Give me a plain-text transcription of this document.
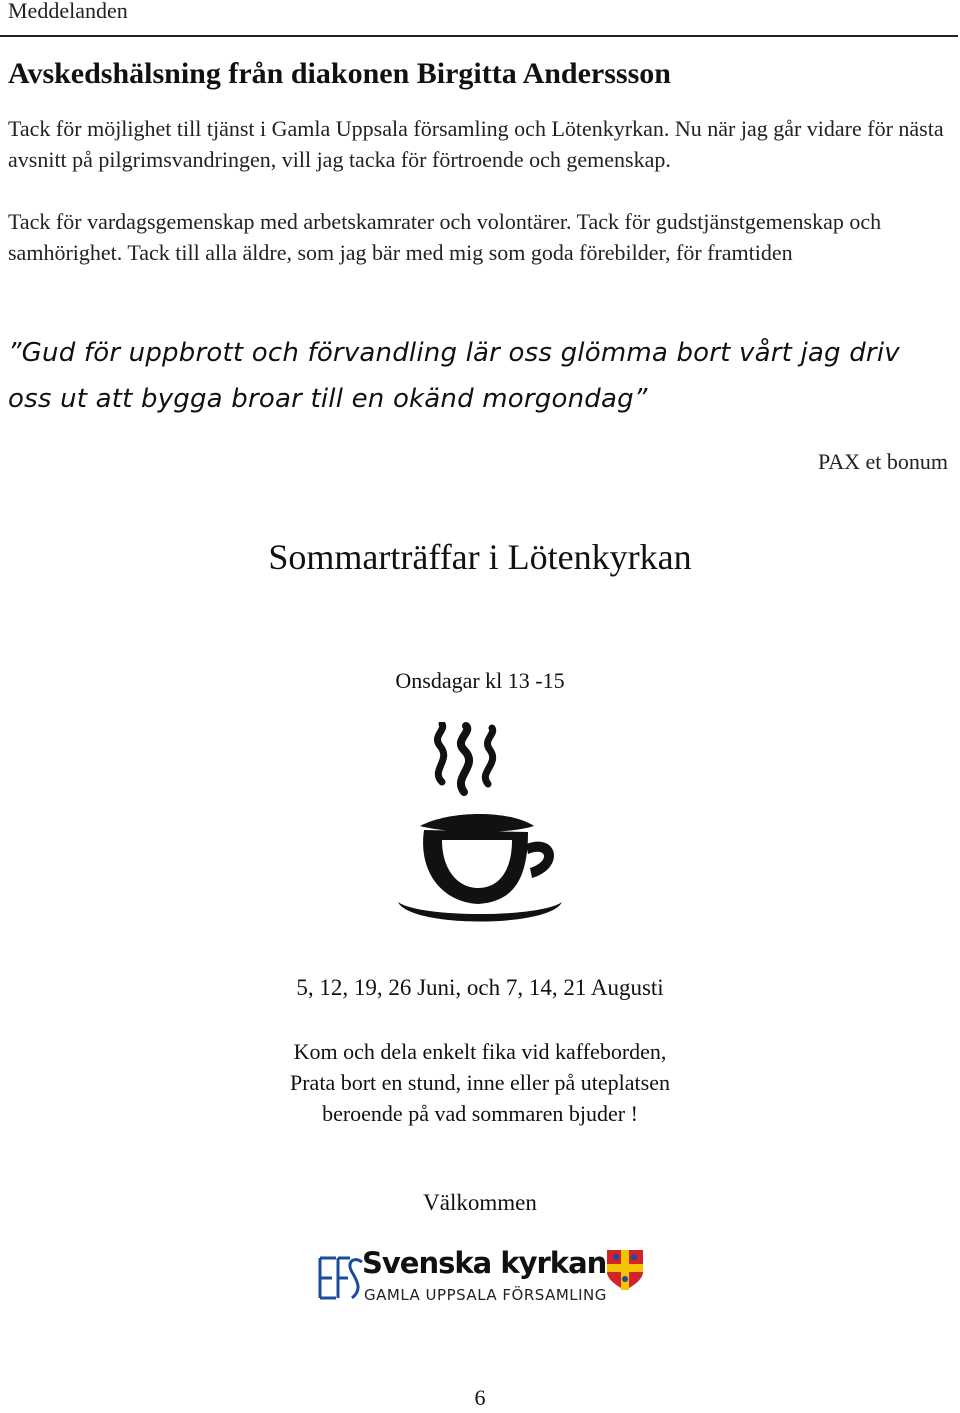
Meddelanden
Avskedshälsning från diakonen Birgitta Anderssson
Tack för möjlighet till tjänst i Gamla Uppsala församling och Lötenkyrkan. Nu när jag går vidare för nästa avsnitt på pilgrimsvandringen, vill jag tacka för förtroende och gemenskap.
Tack för vardagsgemenskap med arbetskamrater och volontärer. Tack för gudstjänstgemenskap och samhörighet. Tack till alla äldre, som jag bär med mig som goda förebilder, för framtiden
”Gud för uppbrott och förvandling lär oss glömma bort vårt jag driv oss ut att bygga broar till en okänd morgondag”
PAX et bonum
Sommarträffar i Lötenkyrkan
Onsdagar kl 13 -15
5, 12, 19, 26 Juni, och 7, 14, 21 Augusti
Kom och dela enkelt fika vid kaffeborden,
Prata bort en stund, inne eller på uteplatsen
beroende på vad sommaren bjuder !
Välkommen
Svenska kyrkan
GAMLA UPPSALA FÖRSAMLING
6
